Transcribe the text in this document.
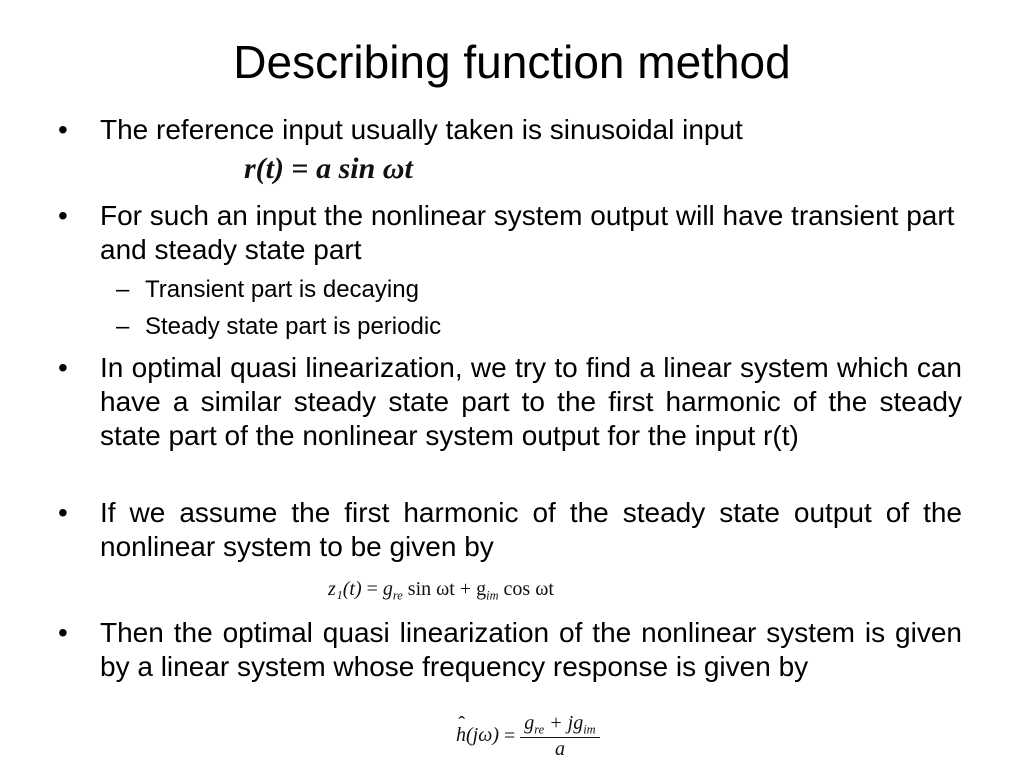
Describing function method
•	The reference input usually taken is sinusoidal input
r(t) = a sin ωt
•	For such an input the nonlinear system output will have transient part and steady state part
– Transient part is decaying
– Steady state part is periodic
•	In optimal quasi linearization, we try to find a linear system which can have a similar steady state part to the first harmonic of the steady state part of the nonlinear system output for the input r(t)
•	If we assume the first harmonic of the steady state output of the nonlinear system to be given by
$z_1(t) = g_{re}$ $\sin \omega t + g_{im}$ cos ωt
•	Then the optimal quasi linearization of the nonlinear system is given by a linear system whose frequency response is given by
ˆ $h(j\omega) = \frac{g_{re} + jg_{im}}{a}$
